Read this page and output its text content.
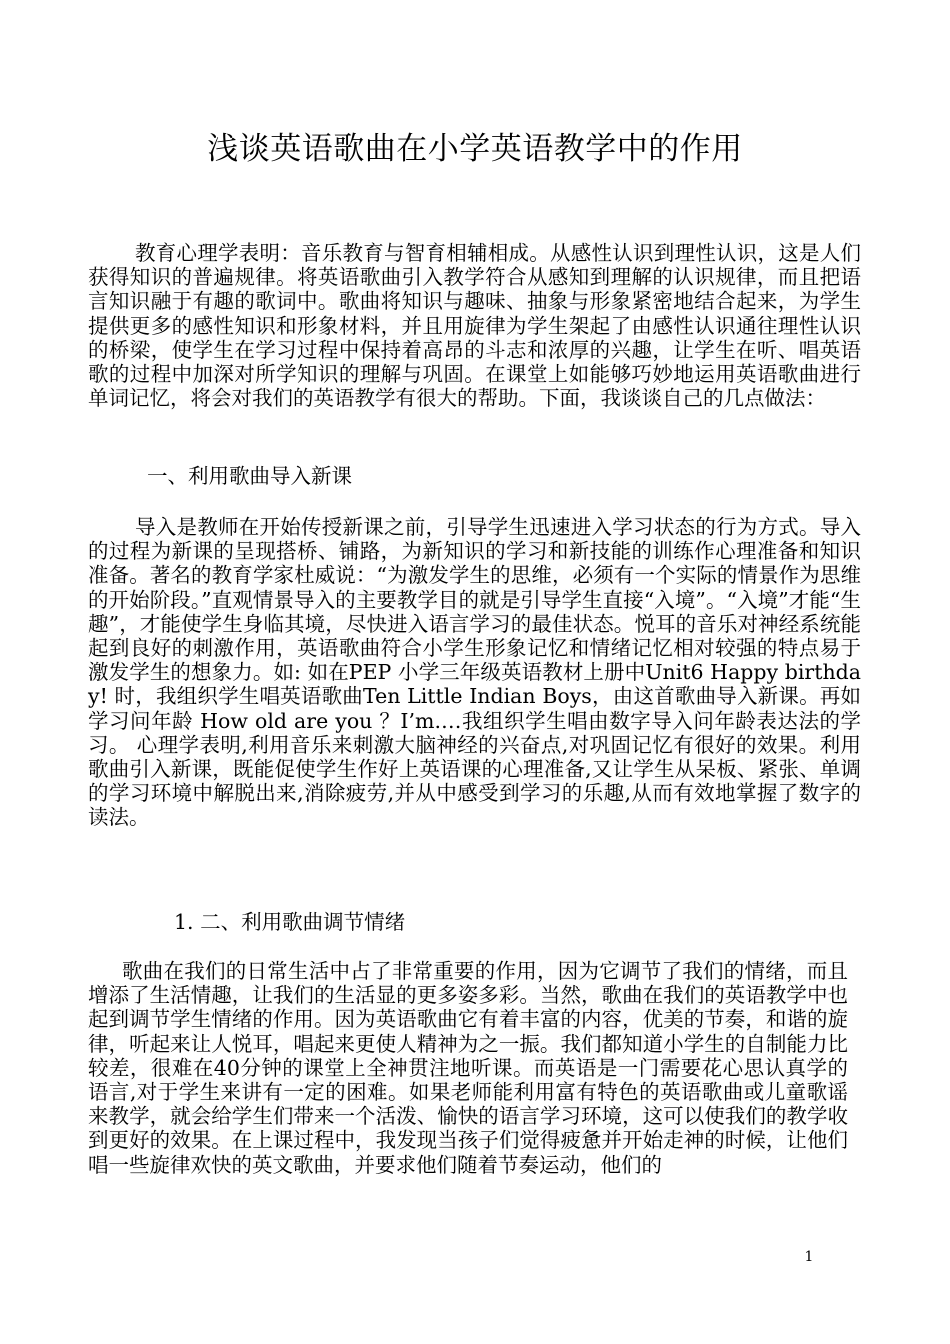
浅谈英语歌曲在小学英语教学中的作用

教育心理学表明：音乐教育与智育相辅相成。从感性认识到理性认识，这是人们获得知识的普遍规律。将英语歌曲引入教学符合从感知到理解的认识规律，而且把语言知识融于有趣的歌词中。歌曲将知识与趣味、抽象与形象紧密地结合起来，为学生提供更多的感性知识和形象材料，并且用旋律为学生架起了由感性认识通往理性认识的桥梁，使学生在学习过程中保持着高昂的斗志和浓厚的兴趣，让学生在听、唱英语歌的过程中加深对所学知识的理解与巩固。在课堂上如能够巧妙地运用英语歌曲进行单词记忆，将会对我们的英语教学有很大的帮助。下面，我谈谈自己的几点做法：

一、利用歌曲导入新课

导入是教师在开始传授新课之前，引导学生迅速进入学习状态的行为方式。导入的过程为新课的呈现搭桥、铺路，为新知识的学习和新技能的训练作心理准备和知识准备。著名的教育学家杜威说：“为激发学生的思维，必须有一个实际的情景作为思维的开始阶段。”直观情景导入的主要教学目的就是引导学生直接“入境”。“入境”才能“生趣”，才能使学生身临其境，尽快进入语言学习的最佳状态。悦耳的音乐对神经系统能起到良好的刺激作用，英语歌曲符合小学生形象记忆和情绪记忆相对较强的特点易于激发学生的想象力。如: 如在PEP 小学三年级英语教材上册中Unit6 Happy birthday! 时，我组织学生唱英语歌曲Ten Little Indian Boys，由这首歌曲导入新课。再如学习问年龄 How old are you ？I’m.…我组织学生唱由数字导入问年龄表达法的学习。 心理学表明,利用音乐来刺激大脑神经的兴奋点,对巩固记忆有很好的效果。利用歌曲引入新课，既能促使学生作好上英语课的心理准备,又让学生从呆板、紧张、单调的学习环境中解脱出来,消除疲劳,并从中感受到学习的乐趣,从而有效地掌握了数字的读法。

1. 二、利用歌曲调节情绪

歌曲在我们的日常生活中占了非常重要的作用，因为它调节了我们的情绪，而且增添了生活情趣，让我们的生活显的更多姿多彩。当然，歌曲在我们的英语教学中也起到调节学生情绪的作用。因为英语歌曲它有着丰富的内容，优美的节奏，和谐的旋律，听起来让人悦耳，唱起来更使人精神为之一振。我们都知道小学生的自制能力比较差，很难在40分钟的课堂上全神贯注地听课。而英语是一门需要花心思认真学的语言,对于学生来讲有一定的困难。如果老师能利用富有特色的英语歌曲或儿童歌谣来教学，就会给学生们带来一个活泼、愉快的语言学习环境，这可以使我们的教学收到更好的效果。在上课过程中，我发现当孩子们觉得疲惫并开始走神的时候，让他们唱一些旋律欢快的英文歌曲，并要求他们随着节奏运动，他们的

1
